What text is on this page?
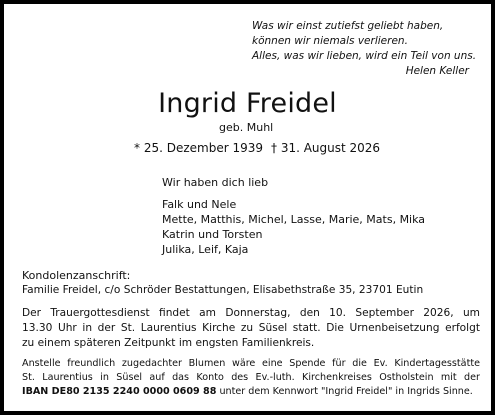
Was wir einst zutiefst geliebt haben,
können wir niemals verlieren.
Alles, was wir lieben, wird ein Teil von uns.
Helen Keller
Ingrid Freidel
geb. Muhl
* 25. Dezember 1939 † 31. August 2026
Wir haben dich lieb
Falk und Nele
Mette, Matthis, Michel, Lasse, Marie, Mats, Mika
Katrin und Torsten
Julika, Leif, Kaja
Kondolenzanschrift:
Familie Freidel, c/o Schröder Bestattungen, Elisabethstraße 35, 23701 Eutin
Der Trauergottesdienst findet am Donnerstag, den 10. September 2026, um
13.30 Uhr in der St. Laurentius Kirche zu Süsel statt. Die Urnenbeisetzung erfolgt
zu einem späteren Zeitpunkt im engsten Familienkreis.
Anstelle freundlich zugedachter Blumen wäre eine Spende für die Ev. Kindertagesstätte
St. Laurentius in Süsel auf das Konto des Ev.-luth. Kirchenkreises Ostholstein mit der
IBAN DE80 2135 2240 0000 0609 88 unter dem Kennwort "Ingrid Freidel" in Ingrids Sinne.
